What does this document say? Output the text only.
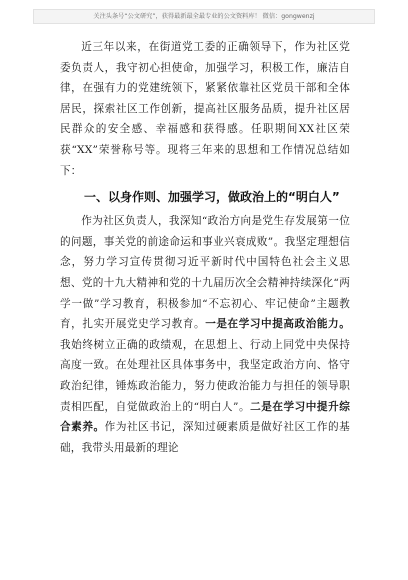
关注头条号“公文研究”，获得最新最全最专业的公文资料库！ 微信：gongwenzj

近三年以来，在街道党工委的正确领导下，作为社区党委负责人，我守初心担使命，加强学习，积极工作，廉洁自律，在强有力的党建统领下，紧紧依靠社区党员干部和全体居民，探索社区工作创新，提高社区服务品质，提升社区居民群众的安全感、幸福感和获得感。任职期间XX社区荣获“XX”荣誉称号等。现将三年来的思想和工作情况总结如下：

一、以身作则、加强学习，做政治上的“明白人”

作为社区负责人，我深知“政治方向是党生存发展第一位的问题，事关党的前途命运和事业兴衰成败”。我坚定理想信念，努力学习宣传贯彻习近平新时代中国特色社会主义思想、党的十九大精神和党的十九届历次全会精神持续深化“两学一做”学习教育，积极参加“不忘初心、牢记使命”主题教育，扎实开展党史学习教育。一是在学习中提高政治能力。我始终树立正确的政绩观，在思想上、行动上同党中央保持高度一致。在处理社区具体事务中，我坚定政治方向、恪守政治纪律，锤炼政治能力，努力使政治能力与担任的领导职责相匹配，自觉做政治上的“明白人”。二是在学习中提升综合素养。作为社区书记，深知过硬素质是做好社区工作的基础，我带头用最新的理论
